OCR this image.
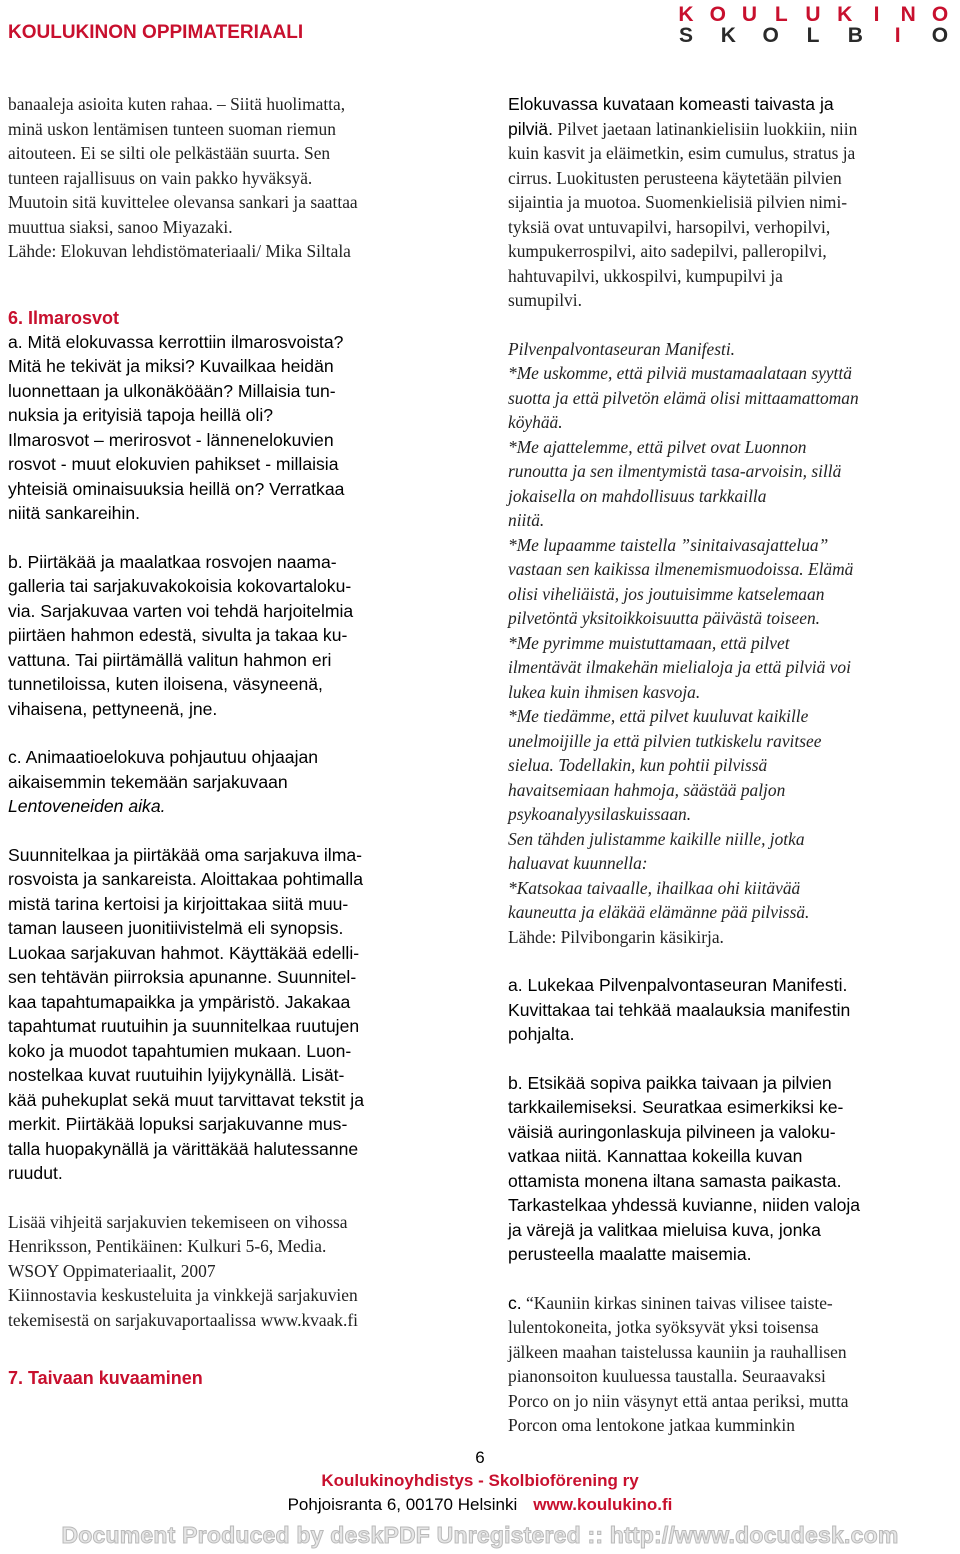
KOULUKINON OPPIMATERIAALI
K O U L U K	I	N O
S	K	O	L	B	I	O

banaaleja asioita kuten rahaa. – Siitä huolimatta,

minä uskon lentämisen tunteen suoman riemun

aitouteen. Ei se silti ole pelkästään suurta. Sen

tunteen rajallisuus on vain pakko hyväksyä.

Muutoin sitä kuvittelee olevansa sankari ja saattaa

muuttua siaksi, sanoo Miyazaki.

Lähde: Elokuvan lehdistömateriaali/ Mika Siltala

6. Ilmarosvot

a. Mitä elokuvassa kerrottiin ilmarosvoista?

Mitä he tekivät ja miksi? Kuvailkaa heidän

luonnettaan ja ulkonäköään? Millaisia tun-

nuksia ja erityisiä tapoja heillä oli?

Ilmarosvot – merirosvot - lännenelokuvien

rosvot - muut elokuvien pahikset - millaisia

yhteisiä ominaisuuksia heillä on? Verratkaa

niitä sankareihin.

b. Piirtäkää ja maalatkaa rosvojen naama-

galleria tai sarjakuvakokoisia kokovartaloku-

via. Sarjakuvaa varten voi tehdä harjoitelmia

piirtäen hahmon edestä, sivulta ja takaa ku-

vattuna. Tai piirtämällä valitun hahmon eri

tunnetiloissa, kuten iloisena, väsyneenä,

vihaisena, pettyneenä, jne.

c. Animaatioelokuva pohjautuu ohjaajan

aikaisemmin tekemään sarjakuvaan

Lentoveneiden aika.

Suunnitelkaa ja piirtäkää oma sarjakuva ilma-

rosvoista ja sankareista. Aloittakaa pohtimalla

mistä tarina kertoisi ja kirjoittakaa siitä muu-

taman lauseen juonitiivistelmä eli synopsis.

Luokaa sarjakuvan hahmot. Käyttäkää edelli-

sen tehtävän piirroksia apunanne. Suunnitel-

kaa tapahtumapaikka ja ympäristö. Jakakaa

tapahtumat ruutuihin ja suunnitelkaa ruutujen

koko ja muodot tapahtumien mukaan. Luon-

nostelkaa kuvat ruutuihin lyijykynällä. Lisät-

kää puhekuplat sekä muut tarvittavat tekstit ja

merkit. Piirtäkää lopuksi sarjakuvanne mus-

talla huopakynällä ja värittäkää halutessanne

ruudut.

Lisää vihjeitä sarjakuvien tekemiseen on vihossa

Henriksson, Pentikäinen: Kulkuri 5-6, Media.

WSOY Oppimateriaalit, 2007

Kiinnostavia keskusteluita ja vinkkejä sarjakuvien

tekemisestä on sarjakuvaportaalissa www.kvaak.fi

7. Taivaan kuvaaminen

Elokuvassa kuvataan komeasti taivasta ja

pilviä. Pilvet jaetaan latinankielisiin luokkiin, niin

kuin kasvit ja eläimetkin, esim cumulus, stratus ja

cirrus. Luokitusten perusteena käytetään pilvien

sijaintia ja muotoa. Suomenkielisiä pilvien nimi-

tyksiä ovat untuvapilvi, harsopilvi, verhopilvi,

kumpukerrospilvi, aito sadepilvi, palleropilvi,

hahtuvapilvi, ukkospilvi, kumpupilvi ja

sumupilvi.

Pilvenpalvontaseuran Manifesti.

*Me uskomme, että pilviä mustamaalataan syyttä

suotta ja että pilvetön elämä olisi mittaamattoman

köyhää.

*Me ajattelemme, että pilvet ovat Luonnon

runoutta ja sen ilmentymistä tasa-arvoisin, sillä

jokaisella on mahdollisuus tarkkailla

niitä.

*Me lupaamme taistella ”sinitaivasajattelua”

vastaan sen kaikissa ilmenemismuodoissa. Elämä

olisi viheliäistä, jos joutuisimme katselemaan

pilvetöntä yksitoikkoisuutta päivästä toiseen.

*Me pyrimme muistuttamaan, että pilvet

ilmentävät ilmakehän mielialoja ja että pilviä voi

lukea kuin ihmisen kasvoja.

*Me tiedämme, että pilvet kuuluvat kaikille

unelmoijille ja että pilvien tutkiskelu ravitsee

sielua. Todellakin, kun pohtii pilvissä

havaitsemiaan hahmoja, säästää paljon

psykoanalyysilaskuissaan.

Sen tähden julistamme kaikille niille, jotka

haluavat kuunnella:

*Katsokaa taivaalle, ihailkaa ohi kiitävää

kauneutta ja eläkää elämänne pää pilvissä.

Lähde: Pilvibongarin käsikirja.

a. Lukekaa Pilvenpalvontaseuran Manifesti.

Kuvittakaa tai tehkää maalauksia manifestin

pohjalta.

b. Etsikää sopiva paikka taivaan ja pilvien

tarkkailemiseksi. Seuratkaa esimerkiksi ke-

väisiä auringonlaskuja pilvineen ja valoku-

vatkaa niitä. Kannattaa kokeilla kuvan

ottamista monena iltana samasta paikasta.

Tarkastelkaa yhdessä kuvianne, niiden valoja

ja värejä ja valitkaa mieluisa kuva, jonka

perusteella maalatte maisemia.

c. “Kauniin kirkas sininen taivas vilisee taiste-

lulentokoneita, jotka syöksyvät yksi toisensa

jälkeen maahan taistelussa kauniin ja rauhallisen

pianonsoiton kuuluessa taustalla. Seuraavaksi

Porco on jo niin väsynyt että antaa periksi, mutta

Porcon oma lentokone jatkaa kumminkin

6
Koulukinoyhdistys - Skolbioförening ry
Pohjoisranta 6, 00170 Helsinki www.koulukino.fi
Document Produced by deskPDF Unregistered :: http://www.docudesk.com
